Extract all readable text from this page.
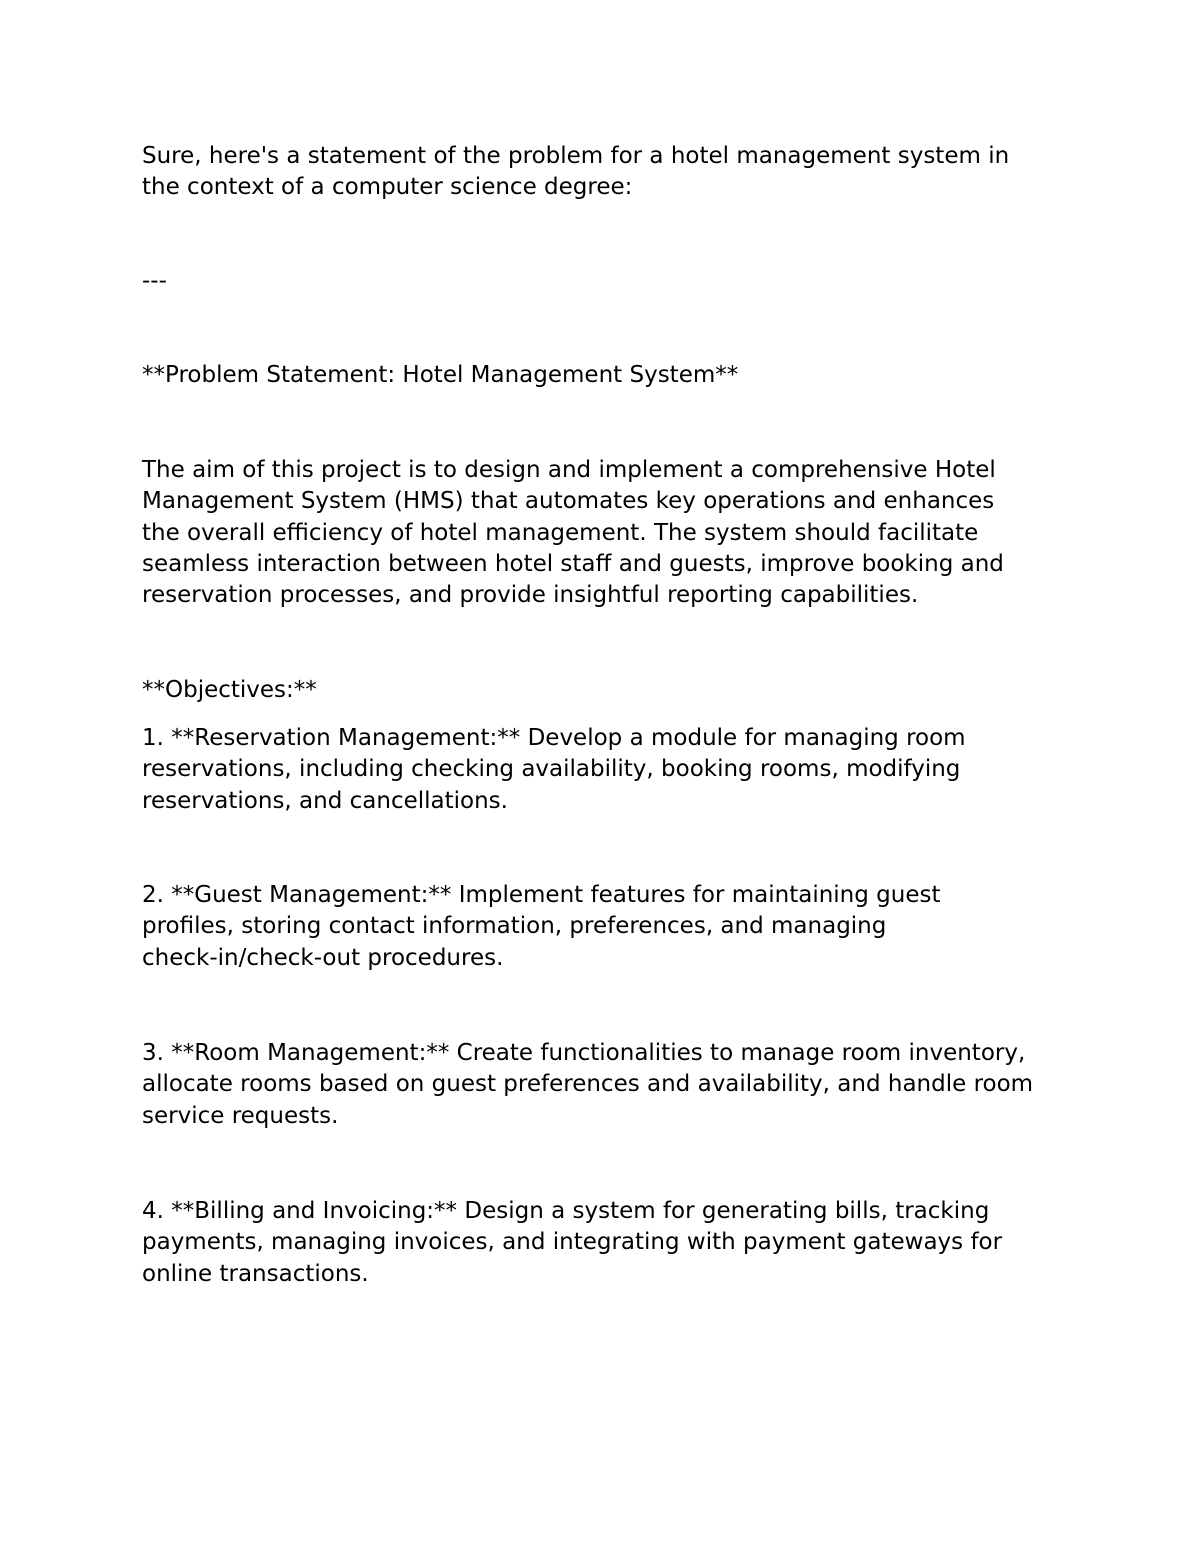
Sure, here's a statement of the problem for a hotel management system in
the context of a computer science degree:

---

**Problem Statement: Hotel Management System**

The aim of this project is to design and implement a comprehensive Hotel
Management System (HMS) that automates key operations and enhances
the overall efficiency of hotel management. The system should facilitate
seamless interaction between hotel staff and guests, improve booking and
reservation processes, and provide insightful reporting capabilities.

**Objectives:**

1. **Reservation Management:** Develop a module for managing room
reservations, including checking availability, booking rooms, modifying
reservations, and cancellations.

2. **Guest Management:** Implement features for maintaining guest
profiles, storing contact information, preferences, and managing
check-in/check-out procedures.

3. **Room Management:** Create functionalities to manage room inventory,
allocate rooms based on guest preferences and availability, and handle room
service requests.

4. **Billing and Invoicing:** Design a system for generating bills, tracking
payments, managing invoices, and integrating with payment gateways for
online transactions.
